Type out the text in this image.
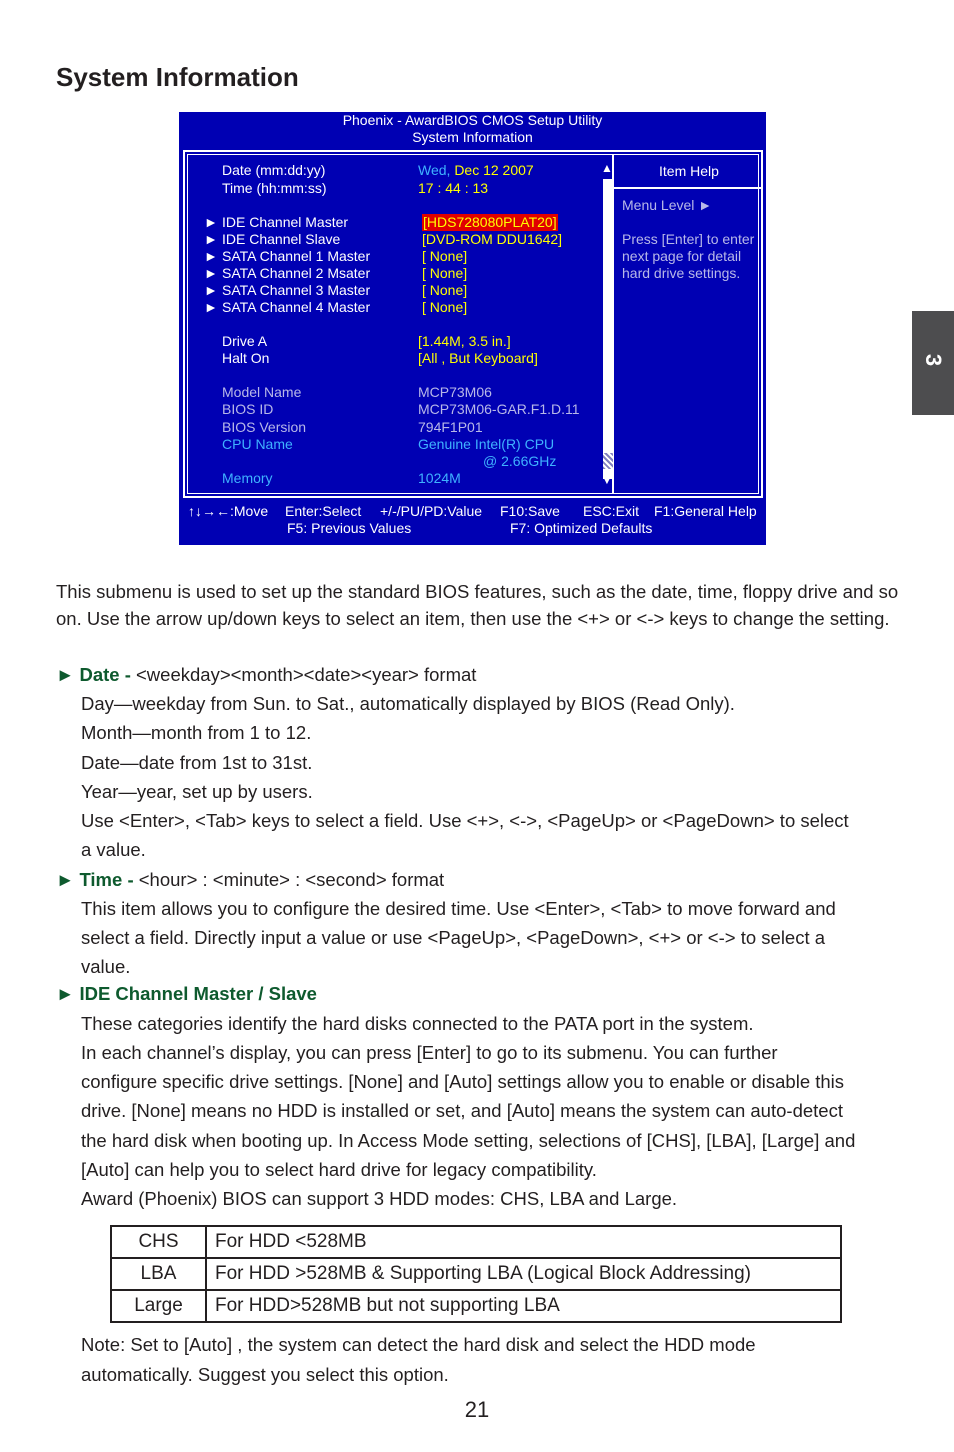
System Information
3
Phoenix - AwardBIOS CMOS Setup Utility
System Information
Date (mm:dd:yy)	Wed, Dec 12 2007
Time (hh:mm:ss)	17 : 44 : 13
► IDE Channel Master	[HDS728080PLAT20]
► IDE Channel Slave	[DVD-ROM DDU1642]
► SATA Channel 1 Master	[ None]
► SATA Channel 2 Msater	[ None]
► SATA Channel 3 Master	[ None]
► SATA Channel 4 Master	[ None]
Drive A	[1.44M, 3.5 in.]
Halt On	[All , But Keyboard]
Model Name	MCP73M06
BIOS ID	MCP73M06-GAR.F1.D.11
BIOS Version	794F1P01
CPU Name	Genuine Intel(R) CPU
@ 2.66GHz
Memory	1024M
▲
▼
Item Help
Menu Level ►
Press [Enter] to enter
next page for detail
hard drive settings.
↑↓→←:Move Enter:Select +/-/PU/PD:Value F10:Save ESC:Exit F1:General Help
F5: Previous Values	F7: Optimized Defaults

This submenu is used to set up the standard BIOS features, such as the date, time, floppy drive and so on. Use the arrow up/down keys to select an item, then use the <+> or <-> keys to change the setting.

► Date - <weekday><month><date><year> format
Day—weekday from Sun. to Sat., automatically displayed by BIOS (Read Only).
Month—month from 1 to 12.
Date—date from 1st to 31st.
Year—year, set up by users.
Use <Enter>, <Tab> keys to select a field. Use <+>, <->, <PageUp> or <PageDown> to select
a value.
► Time - <hour> : <minute> : <second> format
This item allows you to configure the desired time. Use <Enter>, <Tab> to move forward and
select a field. Directly input a value or use <PageUp>, <PageDown>, <+> or <-> to select a
value.
► IDE Channel Master / Slave
These categories identify the hard disks connected to the PATA port in the system.
In each channel’s display, you can press [Enter] to go to its submenu. You can further
configure specific drive settings. [None] and [Auto] settings allow you to enable or disable this
drive. [None] means no HDD is installed or set, and [Auto] means the system can auto-detect
the hard disk when booting up. In Access Mode setting, selections of [CHS], [LBA], [Large] and
[Auto] can help you to select hard drive for legacy compatibility.
Award (Phoenix) BIOS can support 3 HDD modes: CHS, LBA and Large.
CHS	For HDD <528MB
LBA	For HDD >528MB & Supporting LBA (Logical Block Addressing)
Large	For HDD>528MB but not supporting LBA
Note: Set to [Auto] , the system can detect the hard disk and select the HDD mode
automatically. Suggest you select this option.
21
